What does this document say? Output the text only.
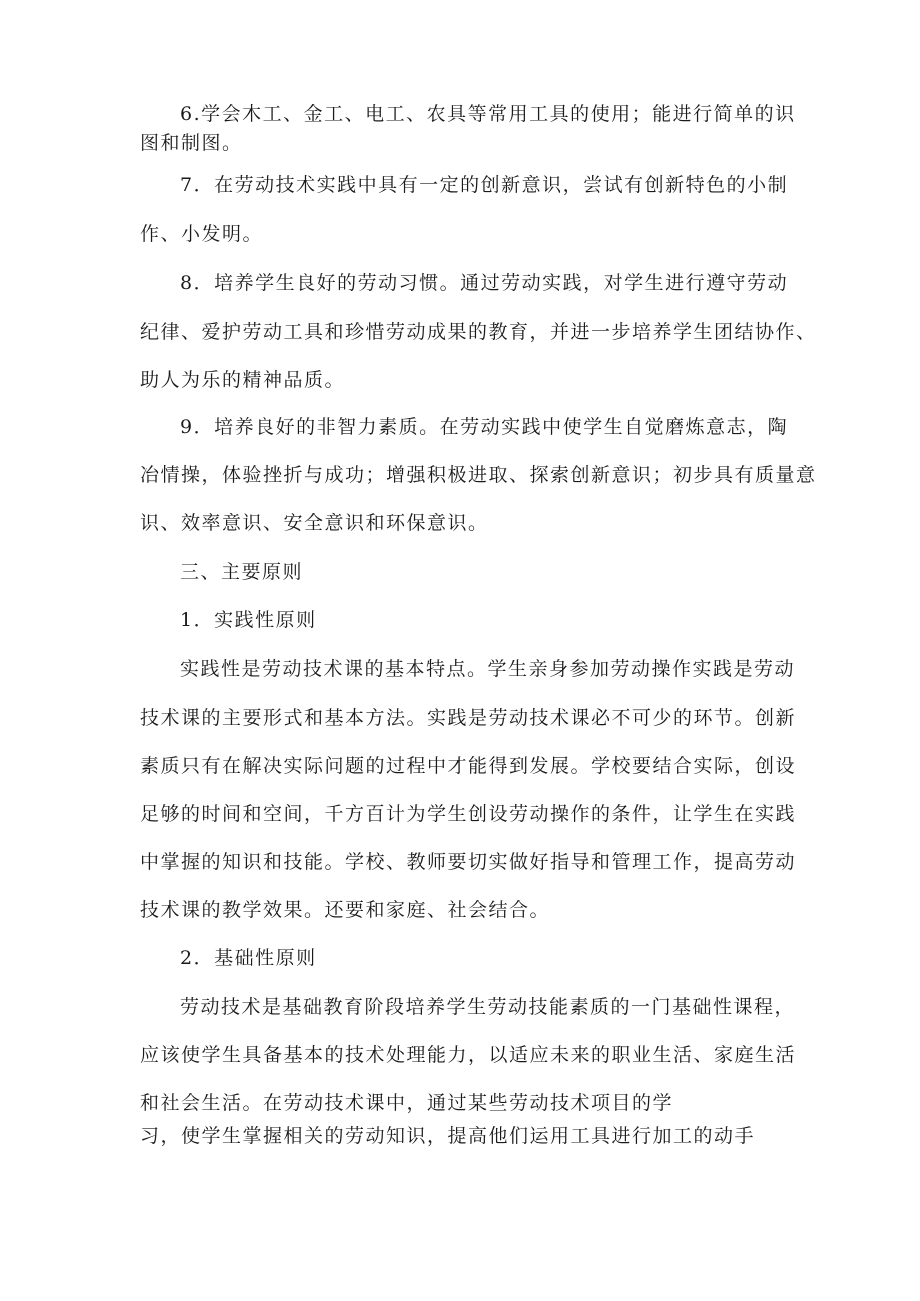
6.学会木工、金工、电工、农具等常用工具的使用；能进行简单的识
图和制图。
7．在劳动技术实践中具有一定的创新意识，尝试有创新特色的小制
作、小发明。
8．培养学生良好的劳动习惯。通过劳动实践，对学生进行遵守劳动
纪律、爱护劳动工具和珍惜劳动成果的教育，并进一步培养学生团结协作、
助人为乐的精神品质。
9．培养良好的非智力素质。在劳动实践中使学生自觉磨炼意志，陶
冶情操，体验挫折与成功；增强积极进取、探索创新意识；初步具有质量意
识、效率意识、安全意识和环保意识。
三、主要原则
1．实践性原则
实践性是劳动技术课的基本特点。学生亲身参加劳动操作实践是劳动
技术课的主要形式和基本方法。实践是劳动技术课必不可少的环节。创新
素质只有在解决实际问题的过程中才能得到发展。学校要结合实际，创设
足够的时间和空间，千方百计为学生创设劳动操作的条件，让学生在实践
中掌握的知识和技能。学校、教师要切实做好指导和管理工作，提高劳动
技术课的教学效果。还要和家庭、社会结合。
2．基础性原则
劳动技术是基础教育阶段培养学生劳动技能素质的一门基础性课程，
应该使学生具备基本的技术处理能力，以适应未来的职业生活、家庭生活
和社会生活。在劳动技术课中，通过某些劳动技术项目的学
习，使学生掌握相关的劳动知识，提高他们运用工具进行加工的动手
